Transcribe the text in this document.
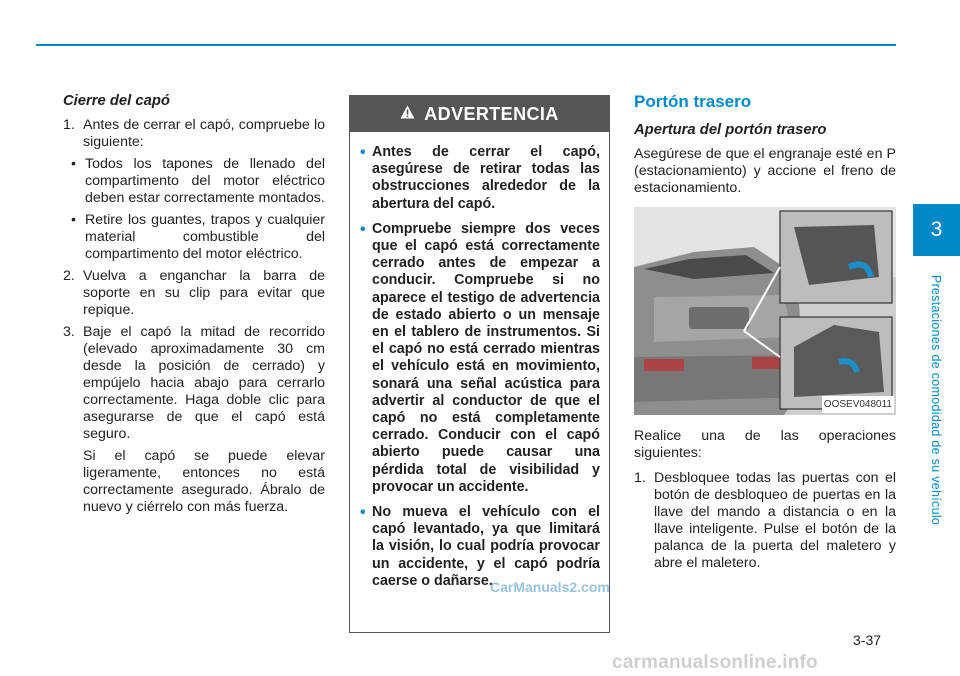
3
Prestaciones de comodidad de su vehículo
Cierre del capó
1. Antes de cerrar el capó, compruebe lo siguiente:
• Todos los tapones de llenado del compartimento del motor eléctrico deben estar correctamente montados.
• Retire los guantes, trapos y cualquier material combustible del compartimento del motor eléctrico.
2. Vuelva a enganchar la barra de soporte en su clip para evitar que repique.
3. Baje el capó la mitad de recorrido (elevado aproximadamente 30 cm desde la posición de cerrado) y empújelo hacia abajo para cerrarlo correctamente. Haga doble clic para asegurarse de que el capó está seguro.
Si el capó se puede elevar ligeramente, entonces no está correctamente asegurado. Ábralo de nuevo y ciérrelo con más fuerza.
ADVERTENCIA
• Antes de cerrar el capó, asegúrese de retirar todas las obstrucciones alrededor de la abertura del capó.
• Compruebe siempre dos veces que el capó está correctamente cerrado antes de empezar a conducir. Compruebe si no aparece el testigo de advertencia de estado abierto o un mensaje en el tablero de instrumentos. Si el capó no está cerrado mientras el vehículo está en movimiento, sonará una señal acústica para advertir al conductor de que el capó no está completamente cerrado. Conducir con el capó abierto puede causar una pérdida total de visibilidad y provocar un accidente.
• No mueva el vehículo con el capó levantado, ya que limitará la visión, lo cual podría provocar un accidente, y el capó podría caerse o dañarse.
Portón trasero
Apertura del portón trasero
Asegúrese de que el engranaje esté en P (estacionamiento) y accione el freno de estacionamiento.
OOSEV048011
Realice una de las operaciones siguientes:
1. Desbloquee todas las puertas con el botón de desbloqueo de puertas en la llave del mando a distancia o en la llave inteligente. Pulse el botón de la palanca de la puerta del maletero y abre el maletero.
CarManuals2.com
3-37
carmanualsonline.info
